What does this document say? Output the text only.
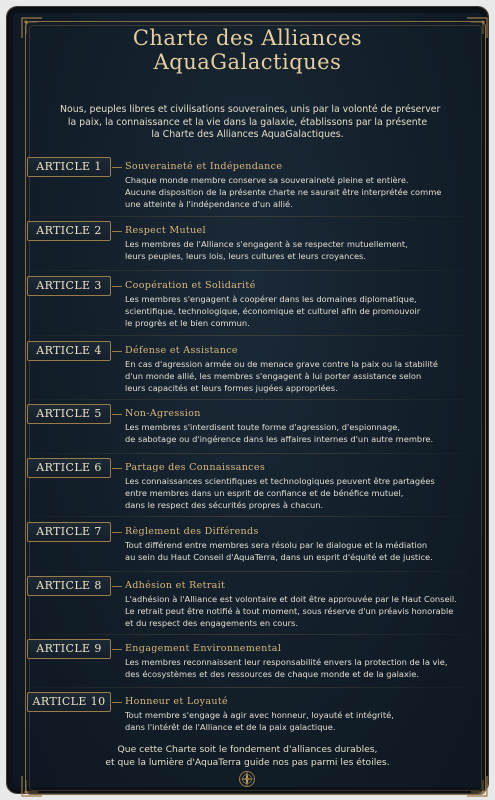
Charte des Alliances
AquaGalactiques
Nous, peuples libres et civilisations souveraines, unis par la volonté de préserver
la paix, la connaissance et la vie dans la galaxie, établissons par la présente
la Charte des Alliances AquaGalactiques.
ARTICLE 1	Souveraineté et Indépendance
Chaque monde membre conserve sa souveraineté pleine et entière.
Aucune disposition de la présente charte ne saurait être interprétée comme
une atteinte à l'indépendance d'un allié.
ARTICLE 2	Respect Mutuel
Les membres de l'Alliance s'engagent à se respecter mutuellement,
leurs peuples, leurs lois, leurs cultures et leurs croyances.
ARTICLE 3	Coopération et Solidarité
Les membres s'engagent à coopérer dans les domaines diplomatique,
scientifique, technologique, économique et culturel afin de promouvoir
le progrès et le bien commun.
ARTICLE 4	Défense et Assistance
En cas d'agression armée ou de menace grave contre la paix ou la stabilité
d'un monde allié, les membres s'engagent à lui porter assistance selon
leurs capacités et leurs formes jugées appropriées.
ARTICLE 5	Non-Agression
Les membres s'interdisent toute forme d'agression, d'espionnage,
de sabotage ou d'ingérence dans les affaires internes d'un autre membre.
ARTICLE 6	Partage des Connaissances
Les connaissances scientifiques et technologiques peuvent être partagées
entre membres dans un esprit de confiance et de bénéfice mutuel,
dans le respect des sécurités propres à chacun.
ARTICLE 7	Règlement des Différends
Tout différend entre membres sera résolu par le dialogue et la médiation
au sein du Haut Conseil d'AquaTerra, dans un esprit d'équité et de justice.
ARTICLE 8	Adhésion et Retrait
L'adhésion à l'Alliance est volontaire et doit être approuvée par le Haut Conseil.
Le retrait peut être notifié à tout moment, sous réserve d'un préavis honorable
et du respect des engagements en cours.
ARTICLE 9	Engagement Environnemental
Les membres reconnaissent leur responsabilité envers la protection de la vie,
des écosystèmes et des ressources de chaque monde et de la galaxie.
ARTICLE 10	Honneur et Loyauté
Tout membre s'engage à agir avec honneur, loyauté et intégrité,
dans l'intérêt de l'Alliance et de la paix galactique.
Que cette Charte soit le fondement d'alliances durables,
et que la lumière d'AquaTerra guide nos pas parmi les étoiles.
